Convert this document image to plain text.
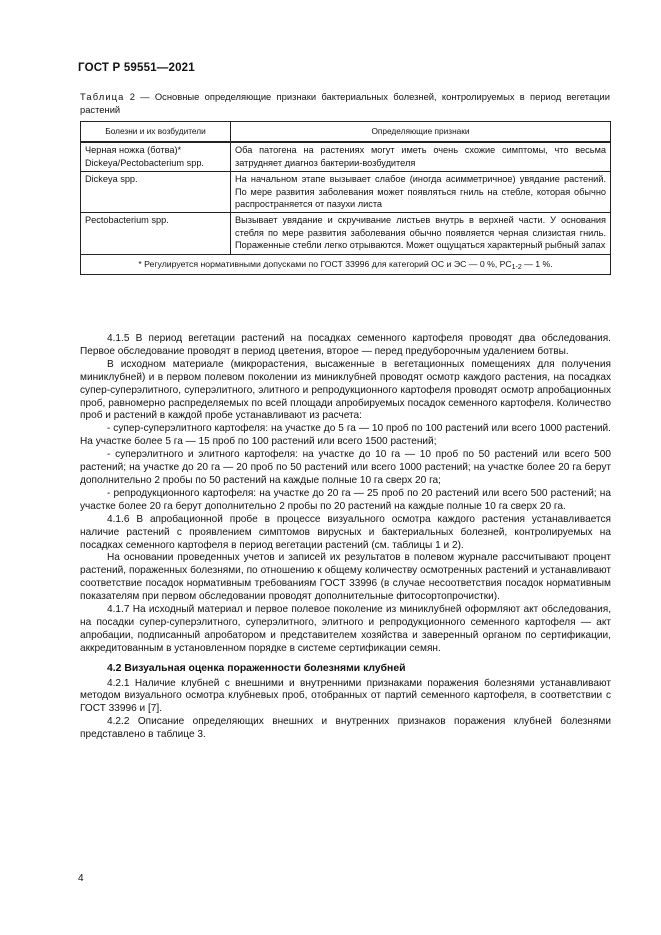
ГОСТ Р 59551—2021
Таблица 2 — Основные определяющие признаки бактериальных болезней, контролируемых в период вегетации растений
Болезни и их возбудители	Определяющие признаки

Черная ножка (ботва)*
Dickeya/Pectobacterium spp.	Оба патогена на растениях могут иметь очень схожие симптомы, что весьма затрудняет диагноз бактерии-возбудителя

Dickeya spp.	На начальном этапе вызывает слабое (иногда асимметричное) увядание растений. По мере развития заболевания может появляться гниль на стебле, которая обычно распространяется от пазухи листа

Pectobacterium spp.	Вызывает увядание и скручивание листьев внутрь в верхней части. У основания стебля по мере развития заболевания обычно появляется черная слизистая гниль. Пораженные стебли легко отрываются. Может ощущаться характерный рыбный запах
* Регулируется нормативными допусками по ГОСТ 33996 для категорий ОС и ЭС — 0 %, $РС_{1-2}$ — 1 %.	

4.1.5 В период вегетации растений на посадках семенного картофеля проводят два обследования. Первое обследование проводят в период цветения, второе — перед предуборочным удалением ботвы.

В исходном материале (микрорастения, высаженные в вегетационных помещениях для получения миниклубней) и в первом полевом поколении из миниклубней проводят осмотр каждого растения, на посадках супер-суперэлитного, суперэлитного, элитного и репродукционного картофеля проводят осмотр апробационных проб, равномерно распределяемых по всей площади апробируемых посадок семенного картофеля. Количество проб и растений в каждой пробе устанавливают из расчета:

- супер-суперэлитного картофеля: на участке до 5 га — 10 проб по 100 растений или всего 1000 растений. На участке более 5 га — 15 проб по 100 растений или всего 1500 растений;

- суперэлитного и элитного картофеля: на участке до 10 га — 10 проб по 50 растений или всего 500 растений; на участке до 20 га — 20 проб по 50 растений или всего 1000 растений; на участке более 20 га берут дополнительно 2 пробы по 50 растений на каждые полные 10 га сверх 20 га;

- репродукционного картофеля: на участке до 20 га — 25 проб по 20 растений или всего 500 растений; на участке более 20 га берут дополнительно 2 пробы по 20 растений на каждые полные 10 га сверх 20 га.

4.1.6 В апробационной пробе в процессе визуального осмотра каждого растения устанавливается наличие растений с проявлением симптомов вирусных и бактериальных болезней, контролируемых на посадках семенного картофеля в период вегетации растений (см. таблицы 1 и 2).

На основании проведенных учетов и записей их результатов в полевом журнале рассчитывают процент растений, пораженных болезнями, по отношению к общему количеству осмотренных растений и устанавливают соответствие посадок нормативным требованиям ГОСТ 33996 (в случае несоответствия посадок нормативным показателям при первом обследовании проводят дополнительные фитосортопрочистки).

4.1.7 На исходный материал и первое полевое поколение из миниклубней оформляют акт обследования, на посадки супер-суперэлитного, суперэлитного, элитного и репродукционного семенного картофеля — акт апробации, подписанный апробатором и представителем хозяйства и заверенный органом по сертификации, аккредитованным в установленном порядке в системе сертификации семян.

4.2 Визуальная оценка пораженности болезнями клубней

4.2.1 Наличие клубней с внешними и внутренними признаками поражения болезнями устанавливают методом визуального осмотра клубневых проб, отобранных от партий семенного картофеля, в соответствии с ГОСТ 33996 и [7].

4.2.2 Описание определяющих внешних и внутренних признаков поражения клубней болезнями представлено в таблице 3.

4
